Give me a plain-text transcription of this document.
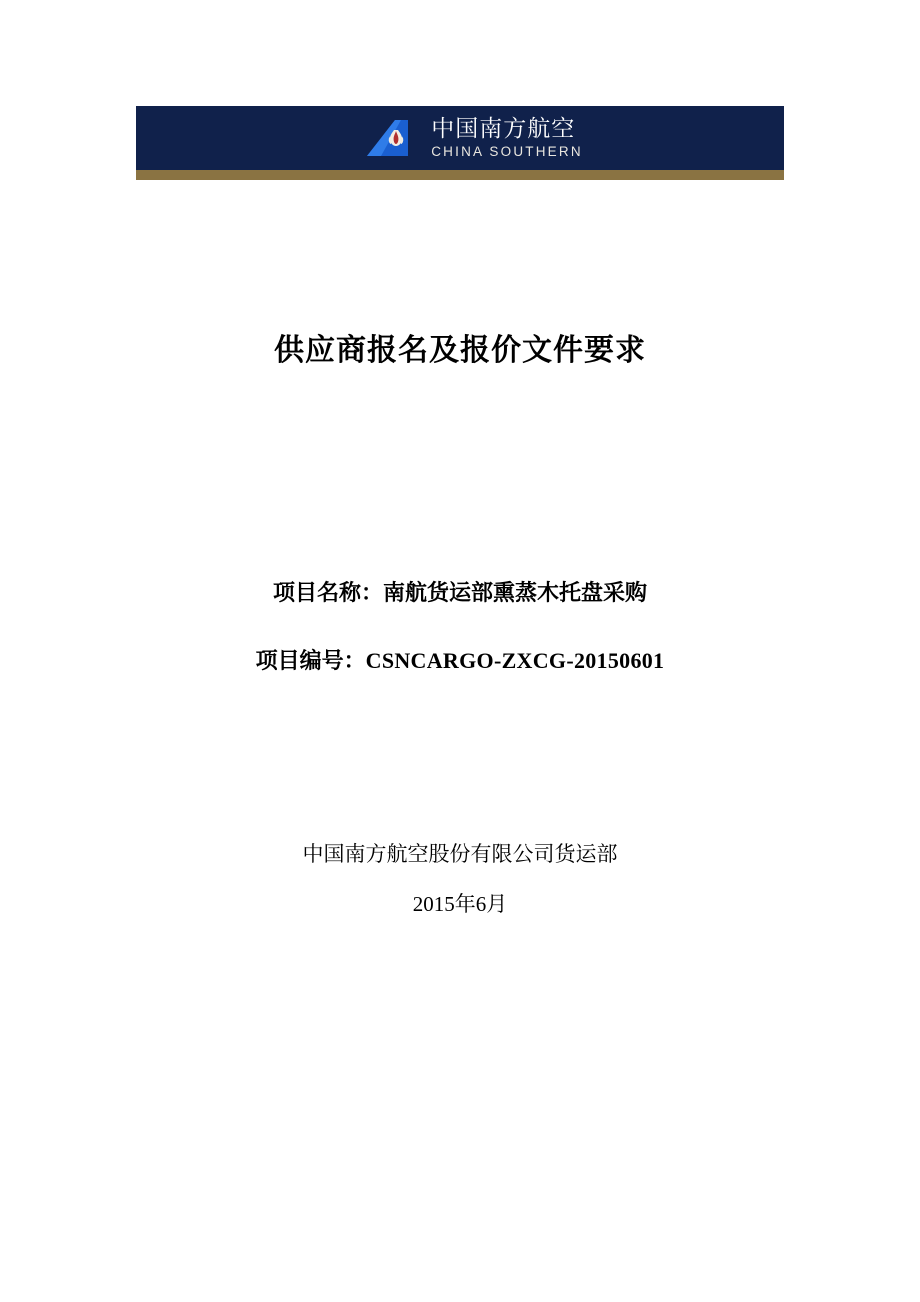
中国南方航空
CHINA SOUTHERN
供应商报名及报价文件要求
项目名称：南航货运部熏蒸木托盘采购
项目编号：CSNCARGO-ZXCG-20150601
中国南方航空股份有限公司货运部
2015年6月
